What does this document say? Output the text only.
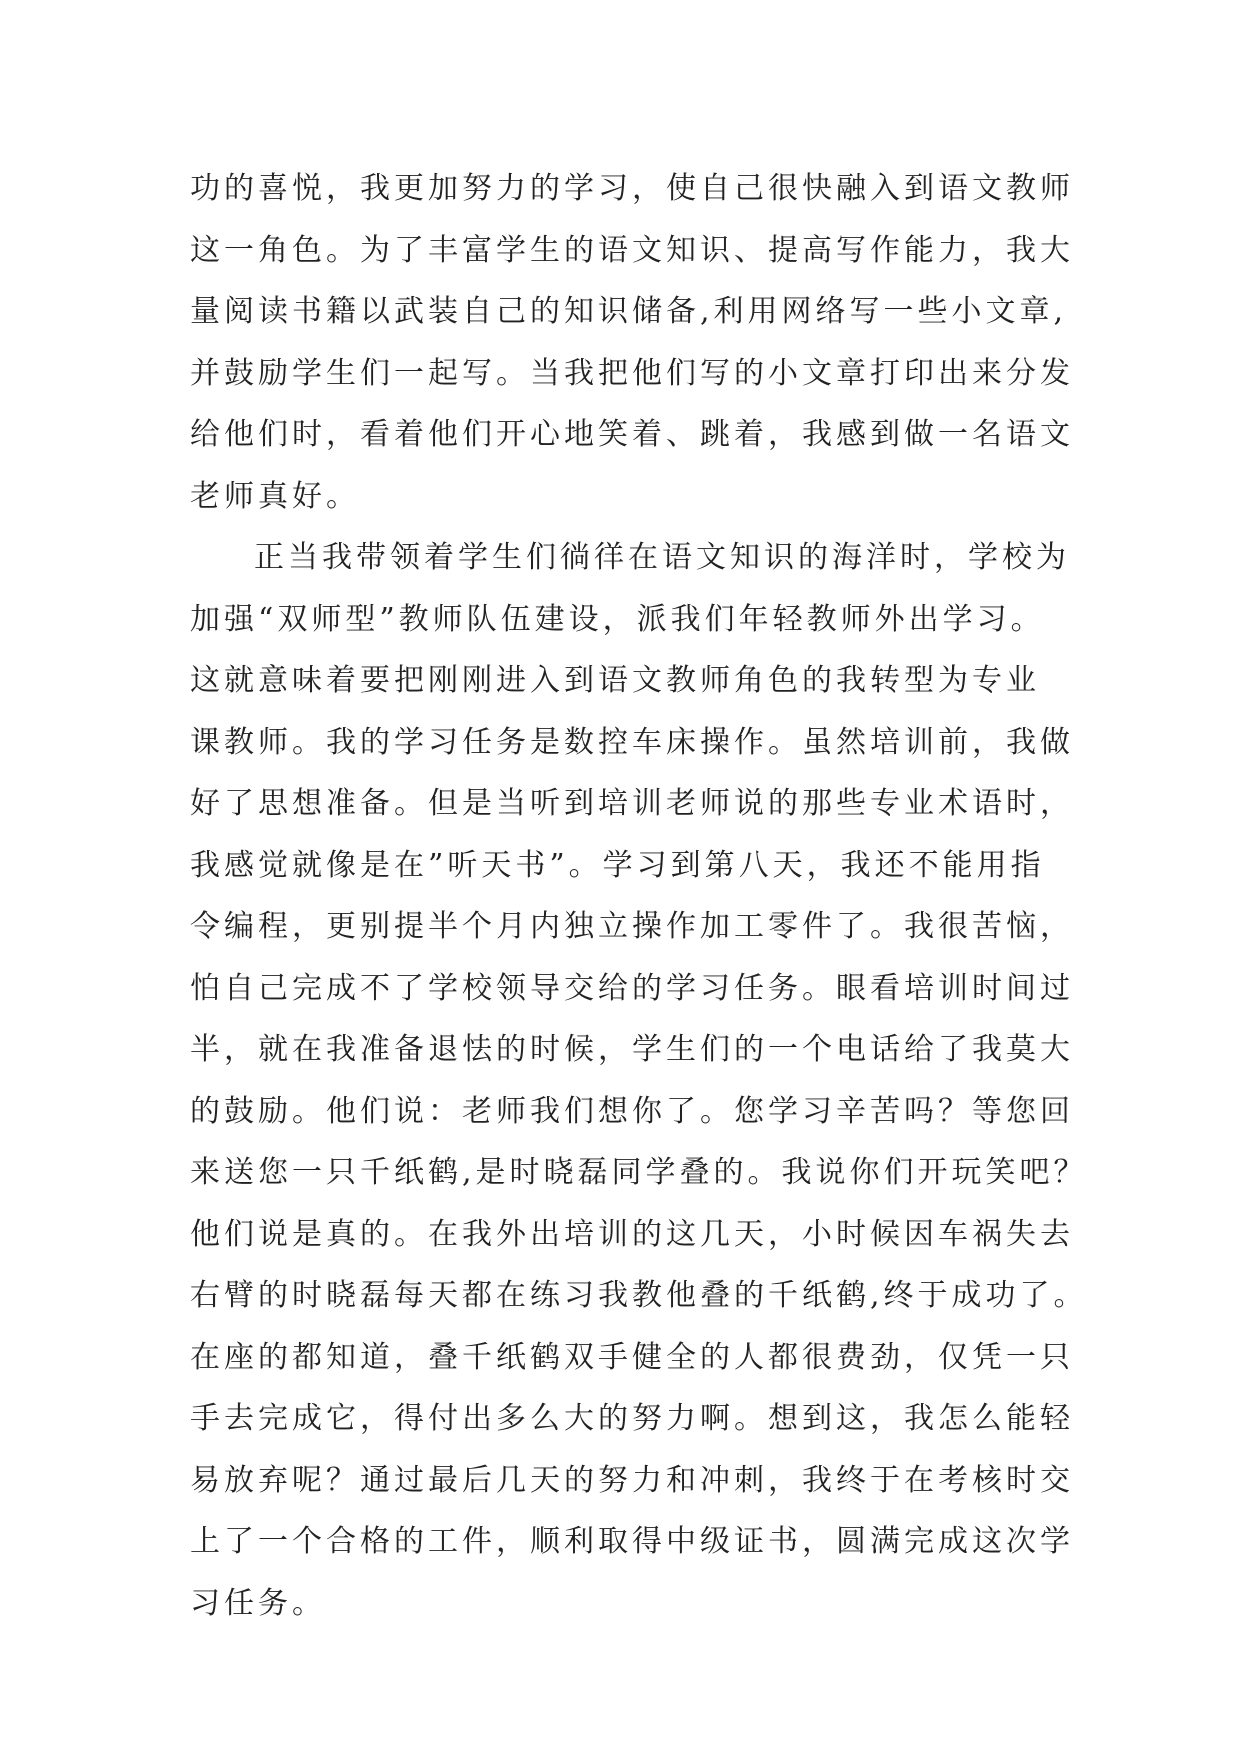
功的喜悦，我更加努力的学习，使自己很快融入到语文教师
这一角色。为了丰富学生的语文知识、提高写作能力，我大
量阅读书籍以武装自己的知识储备,利用网络写一些小文章,
并鼓励学生们一起写。当我把他们写的小文章打印出来分发
给他们时，看着他们开心地笑着、跳着，我感到做一名语文
老师真好。
正当我带领着学生们徜徉在语文知识的海洋时，学校为
加强“双师型”教师队伍建设，派我们年轻教师外出学习。
这就意味着要把刚刚进入到语文教师角色的我转型为专业
课教师。我的学习任务是数控车床操作。虽然培训前，我做
好了思想准备。但是当听到培训老师说的那些专业术语时，
我感觉就像是在”听天书”。学习到第八天，我还不能用指
令编程，更别提半个月内独立操作加工零件了。我很苦恼，
怕自己完成不了学校领导交给的学习任务。眼看培训时间过
半，就在我准备退怯的时候，学生们的一个电话给了我莫大
的鼓励。他们说：老师我们想你了。您学习辛苦吗？等您回
来送您一只千纸鹤,是时晓磊同学叠的。我说你们开玩笑吧？
他们说是真的。在我外出培训的这几天，小时候因车祸失去
右臂的时晓磊每天都在练习我教他叠的千纸鹤,终于成功了。
在座的都知道，叠千纸鹤双手健全的人都很费劲，仅凭一只
手去完成它，得付出多么大的努力啊。想到这，我怎么能轻
易放弃呢？通过最后几天的努力和冲刺，我终于在考核时交
上了一个合格的工件，顺利取得中级证书，圆满完成这次学
习任务。
